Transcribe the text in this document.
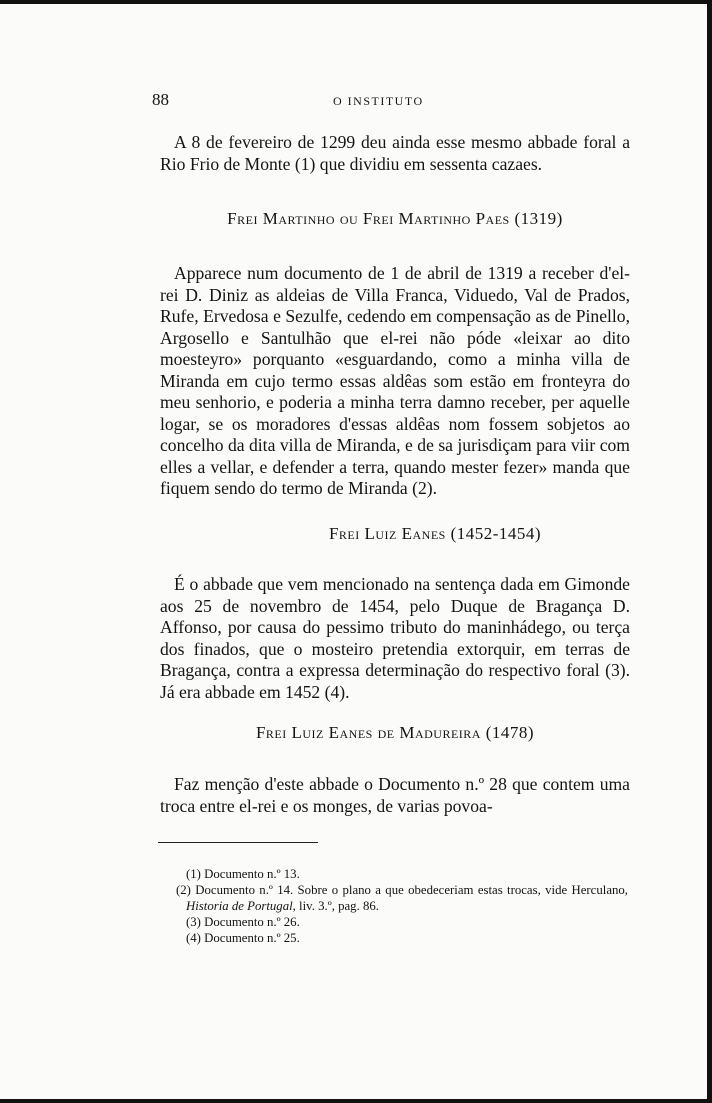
88	O INSTITUTO

A 8 de fevereiro de 1299 deu ainda esse mesmo abbade foral a Rio Frio de Monte (1) que dividiu em sessenta cazaes.

Frei Martinho ou Frei Martinho Paes (1319)

Apparece num documento de 1 de abril de 1319 a receber d'el-rei D. Diniz as aldeias de Villa Franca, Viduedo, Val de Prados, Rufe, Ervedosa e Sezulfe, cedendo em compensação as de Pinello, Argosello e Santulhão que el-rei não póde «leixar ao dito moesteyro» porquanto «esguardando, como a minha villa de Miranda em cujo termo essas aldêas som estão em fronteyra do meu senhorio, e poderia a minha terra damno receber, per aquelle logar, se os moradores d'essas aldêas nom fossem sobjetos ao concelho da dita villa de Miranda, e de sa jurisdiçam para viir com elles a vellar, e defender a terra, quando mester fezer» manda que fiquem sendo do termo de Miranda (2).

Frei Luiz Eanes (1452-1454)

É o abbade que vem mencionado na sentença dada em Gimonde aos 25 de novembro de 1454, pelo Duque de Bragança D. Affonso, por causa do pessimo tributo do maninhádego, ou terça dos finados, que o mosteiro pretendia extorquir, em terras de Bragança, contra a expressa determinação do respectivo foral (3). Já era abbade em 1452 (4).

Frei Luiz Eanes de Madureira (1478)

Faz menção d'este abbade o Documento n.º 28 que contem uma troca entre el-rei e os monges, de varias povoa-

(1) Documento n.º 13.

(2) Documento n.º 14. Sobre o plano a que obedeceriam estas trocas, vide Herculano, Historia de Portugal, liv. 3.º, pag. 86.

(3) Documento n.º 26.

(4) Documento n.º 25.
